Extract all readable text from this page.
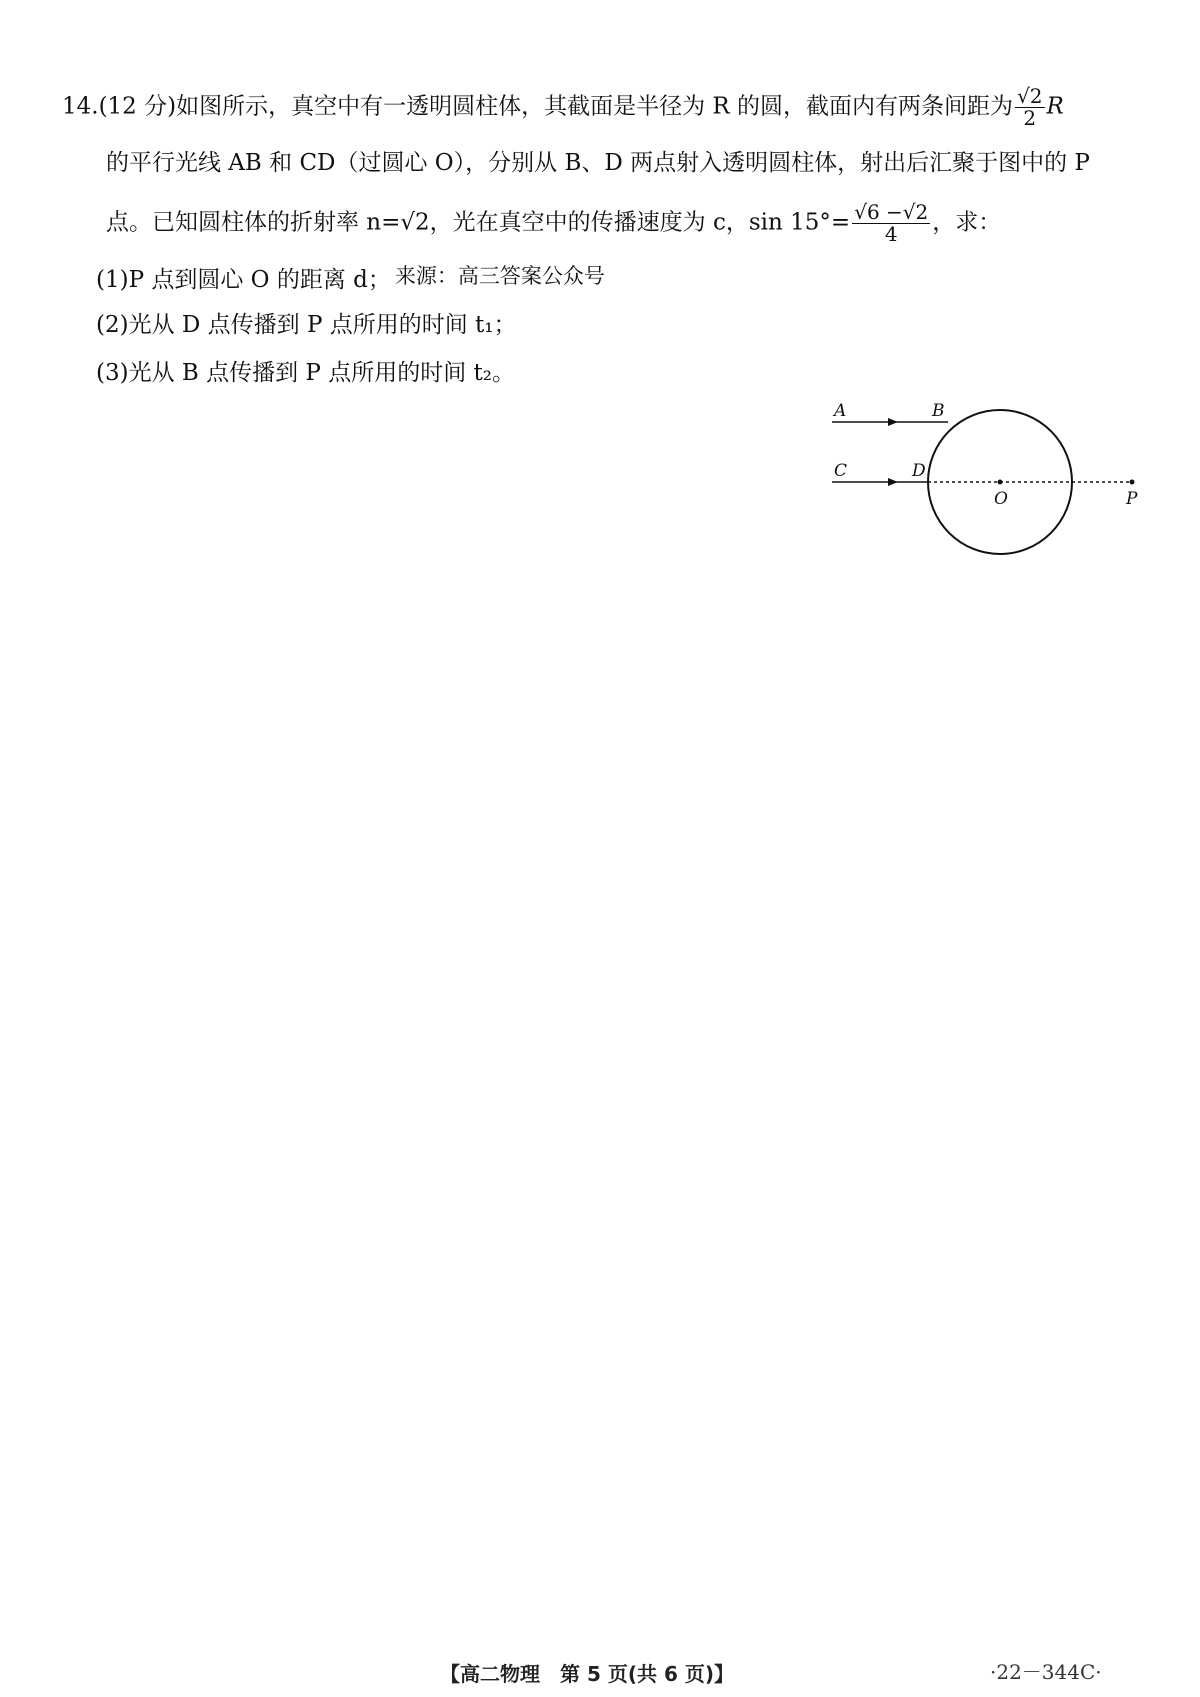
14.(12 分)如图所示，真空中有一透明圆柱体，其截面是半径为 R 的圆，截面内有两条间距为 $\frac{√2}{2}$ R
的平行光线 AB 和 CD（过圆心 O），分别从 B、D 两点射入透明圆柱体，射出后汇聚于图中的 P
点。已知圆柱体的折射率 n=√2，光在真空中的传播速度为 c，$\sin 15^\circ= \frac{√6 -√2}{4}$ ，求：
(1)P 点到圆心 O 的距离 d； 来源：高三答案公众号
(2)光从 D 点传播到 P 点所用的时间 t₁；
(3)光从 B 点传播到 P 点所用的时间 t₂。
A	B
C	D
O	P
【高二物理　第 5 页(共 6 页)】	·22－344C·
